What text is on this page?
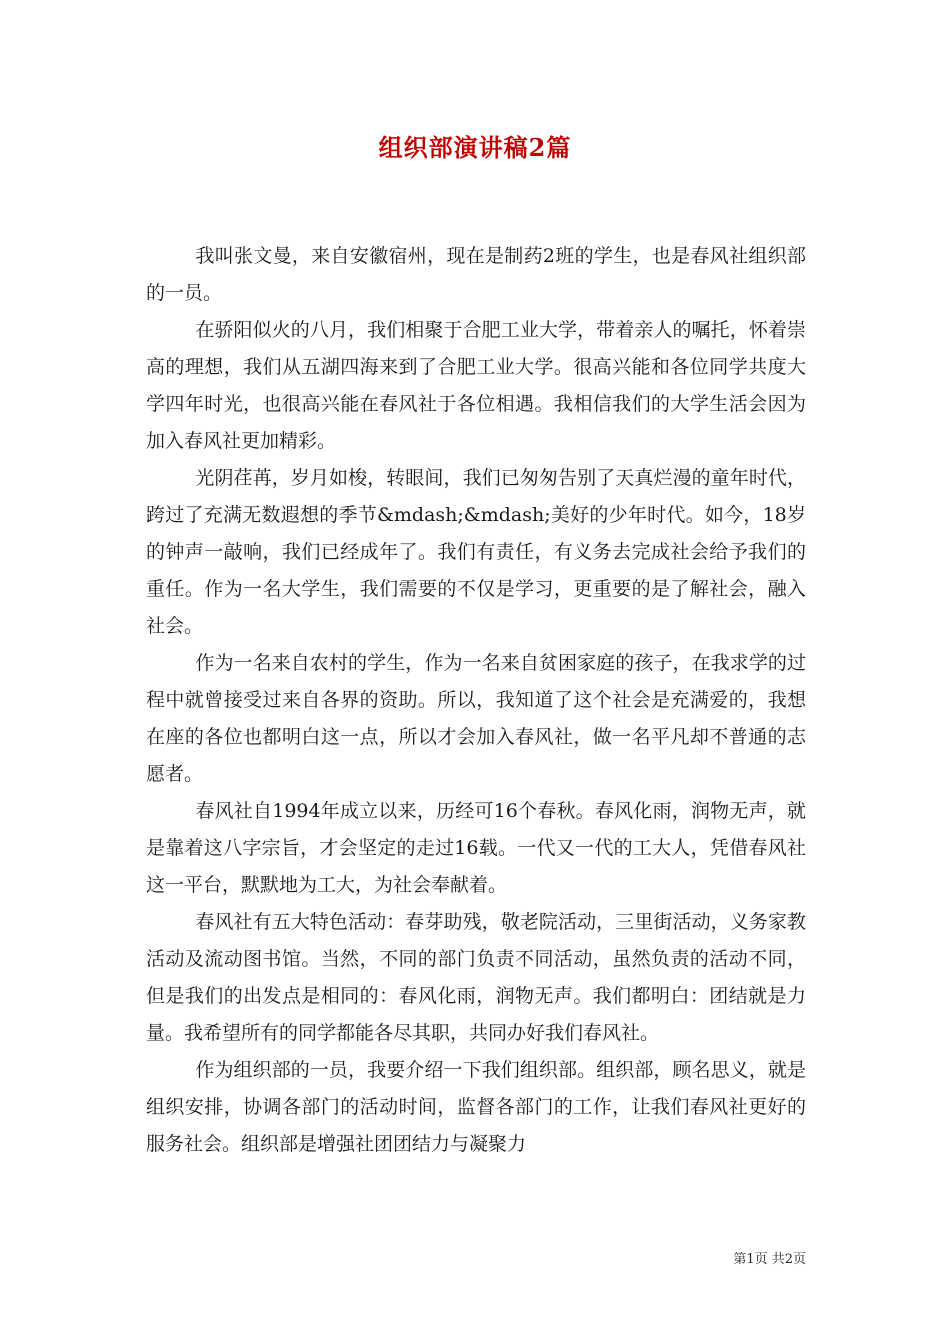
组织部演讲稿2篇

我叫张文曼，来自安徽宿州，现在是制药2班的学生，也是春风社组织部的一员。

在骄阳似火的八月，我们相聚于合肥工业大学，带着亲人的嘱托，怀着崇高的理想，我们从五湖四海来到了合肥工业大学。很高兴能和各位同学共度大学四年时光，也很高兴能在春风社于各位相遇。我相信我们的大学生活会因为加入春风社更加精彩。

光阴荏苒，岁月如梭，转眼间，我们已匆匆告别了天真烂漫的童年时代，跨过了充满无数遐想的季节&mdash;&mdash;美好的少年时代。如今，18岁的钟声一敲响，我们已经成年了。我们有责任，有义务去完成社会给予我们的重任。作为一名大学生，我们需要的不仅是学习，更重要的是了解社会，融入社会。

作为一名来自农村的学生，作为一名来自贫困家庭的孩子，在我求学的过程中就曾接受过来自各界的资助。所以，我知道了这个社会是充满爱的，我想在座的各位也都明白这一点，所以才会加入春风社，做一名平凡却不普通的志愿者。

春风社自1994年成立以来，历经可16个春秋。春风化雨，润物无声，就是靠着这八字宗旨，才会坚定的走过16载。一代又一代的工大人，凭借春风社这一平台，默默地为工大，为社会奉献着。

春风社有五大特色活动：春芽助残，敬老院活动，三里街活动，义务家教活动及流动图书馆。当然，不同的部门负责不同活动，虽然负责的活动不同，但是我们的出发点是相同的：春风化雨，润物无声。我们都明白：团结就是力量。我希望所有的同学都能各尽其职，共同办好我们春风社。

作为组织部的一员，我要介绍一下我们组织部。组织部，顾名思义，就是组织安排，协调各部门的活动时间，监督各部门的工作，让我们春风社更好的服务社会。组织部是增强社团团结力与凝聚力

第1页 共2页
